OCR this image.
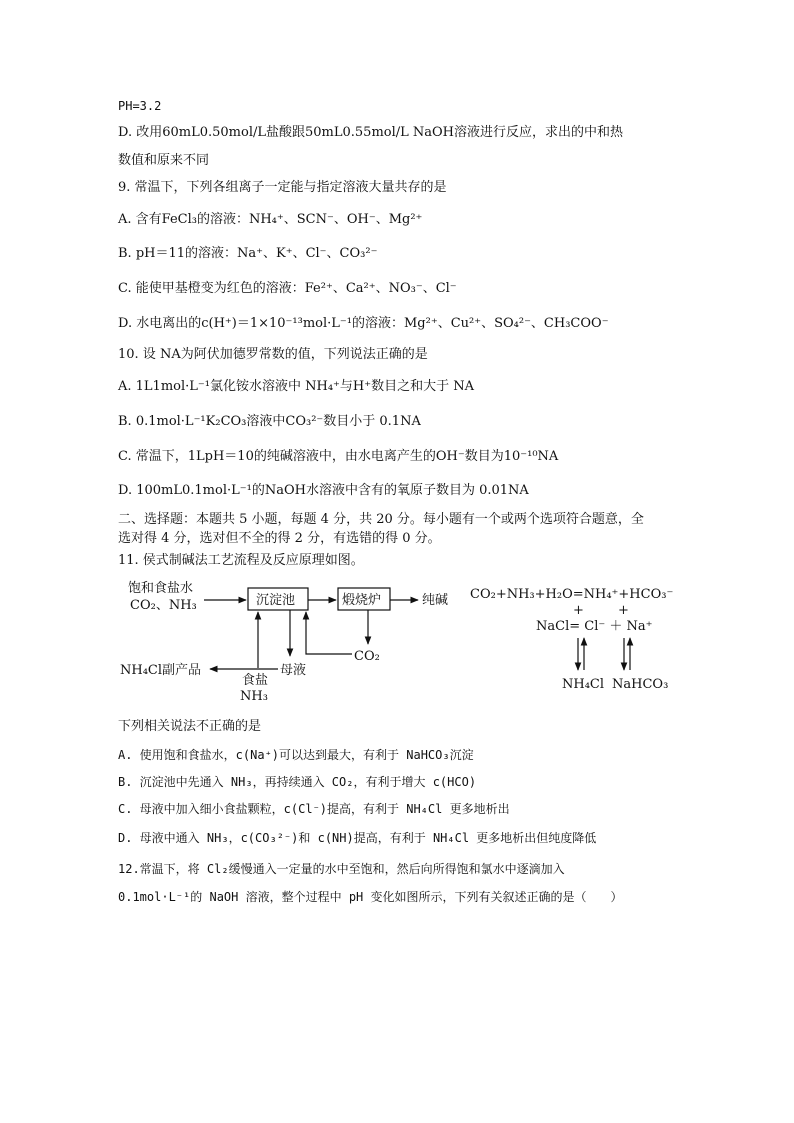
PH=3.2
D. 改用60mL0.50mol/L盐酸跟50mL0.55mol/L NaOH溶液进行反应，求出的中和热
数值和原来不同
9. 常温下，下列各组离子一定能与指定溶液大量共存的是
A. 含有FeCl₃的溶液：NH₄⁺、SCN⁻、OH⁻、Mg²⁺
B. pH＝11的溶液：Na⁺、K⁺、Cl⁻、CO₃²⁻
C. 能使甲基橙变为红色的溶液：Fe²⁺、Ca²⁺、NO₃⁻、Cl⁻
D. 水电离出的c(H⁺)＝1×10⁻¹³mol·L⁻¹的溶液：Mg²⁺、Cu²⁺、SO₄²⁻、CH₃COO⁻
10. 设 NA为阿伏加德罗常数的值，下列说法正确的是
A. 1L1mol·L⁻¹氯化铵水溶液中 NH₄⁺与H⁺数目之和大于 NA
B. 0.1mol·L⁻¹K₂CO₃溶液中CO₃²⁻数目小于 0.1NA
C. 常温下，1LpH＝10的纯碱溶液中，由水电离产生的OH⁻数目为10⁻¹⁰NA
D. 100mL0.1mol·L⁻¹的NaOH水溶液中含有的氧原子数目为 0.01NA
二、选择题：本题共 5 小题，每题 4 分，共 20 分。每小题有一个或两个选项符合题意，全
选对得 4 分，选对但不全的得 2 分，有选错的得 0 分。
11. 侯式制碱法工艺流程及反应原理如图。
饱和食盐水
CO₂、NH₃	沉淀池	煅烧炉	纯碱
CO₂
母液
NH₄Cl副产品
食盐
NH₃
CO₂+NH₃+H₂O=NH₄⁺+HCO₃⁻
+	+
NaCl= Cl⁻ ＋ Na⁺
NH₄Cl NaHCO₃
下列相关说法不正确的是
A. 使用饱和食盐水，c(Na⁺)可以达到最大，有利于 NaHCO₃沉淀
B. 沉淀池中先通入 NH₃，再持续通入 CO₂，有利于增大 c(HCO)
C. 母液中加入细小食盐颗粒，c(Cl⁻)提高，有利于 NH₄Cl 更多地析出
D. 母液中通入 NH₃，c(CO₃²⁻)和 c(NH)提高，有利于 NH₄Cl 更多地析出但纯度降低
12.常温下，将 Cl₂缓慢通入一定量的水中至饱和，然后向所得饱和氯水中逐滴加入
0.1mol·L⁻¹的 NaOH 溶液，整个过程中 pH 变化如图所示，下列有关叙述正确的是（　　）
